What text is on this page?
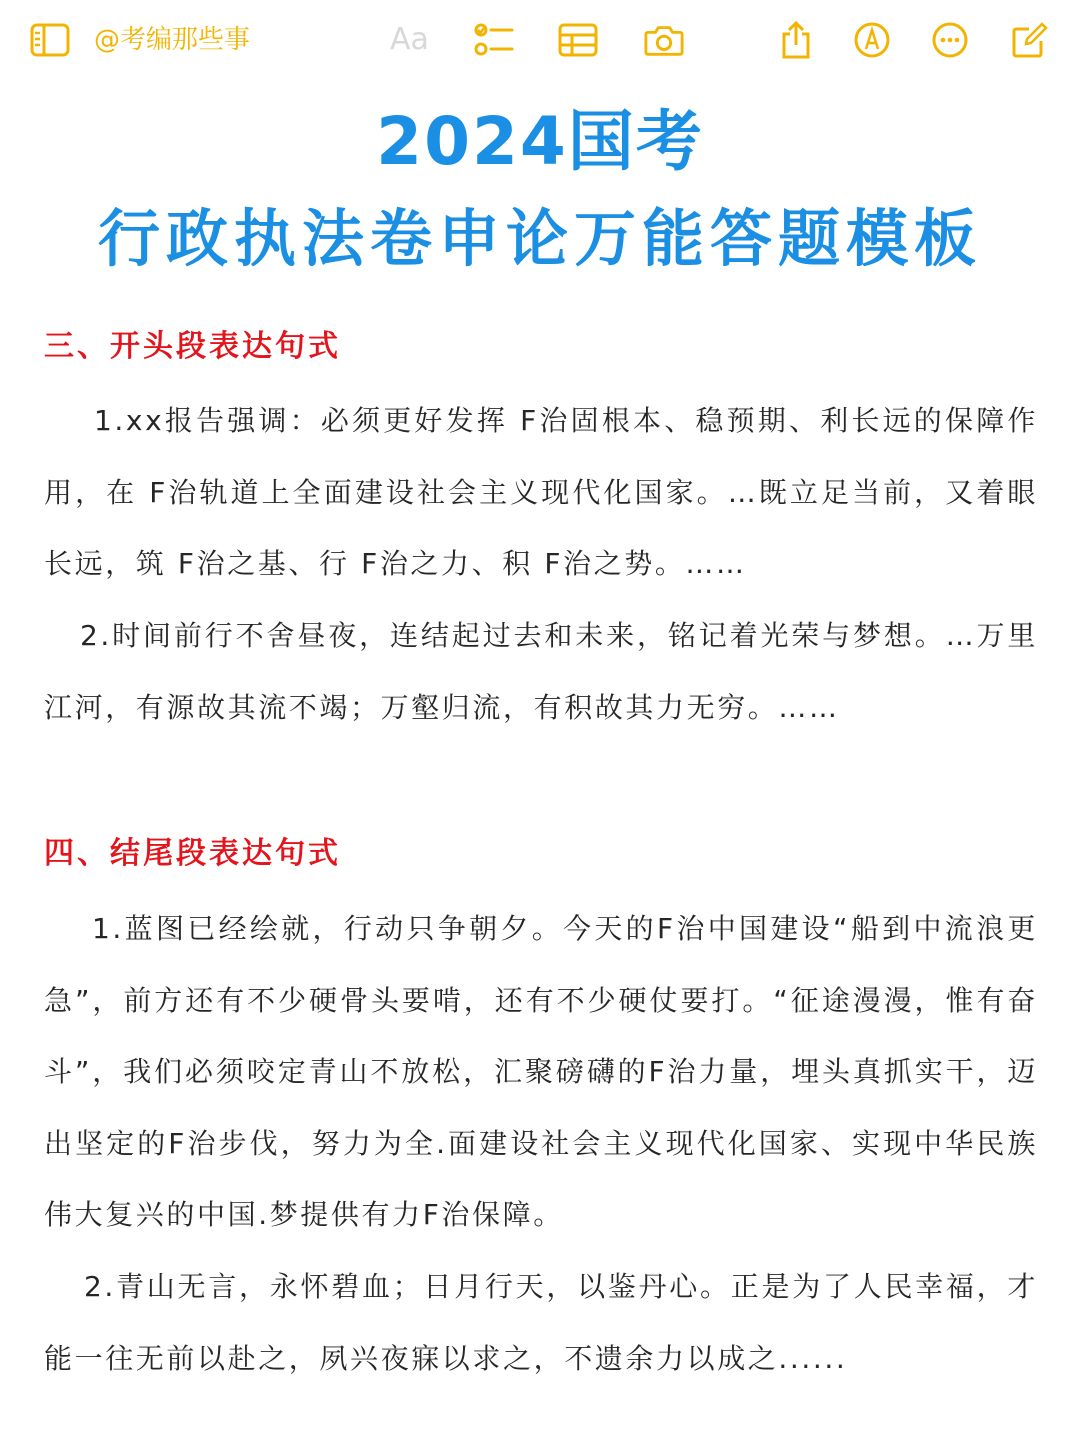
@考编那些事	Aa
2024国考
行政执法卷申论万能答题模板
三、开头段表达句式

1.xx报告强调：必须更好发挥 F治固根本、稳预期、利长远的保障作用，在 F治轨道上全面建设社会主义现代化国家。…既立足当前，又着眼长远，筑 F治之基、行 F治之力、积 F治之势。……

2.时间前行不舍昼夜，连结起过去和未来，铭记着光荣与梦想。…万里江河，有源故其流不竭；万壑归流，有积故其力无穷。……

四、结尾段表达句式

1.蓝图已经绘就，行动只争朝夕。今天的F治中国建设“船到中流浪更急”，前方还有不少硬骨头要啃，还有不少硬仗要打。“征途漫漫，惟有奋斗”，我们必须咬定青山不放松，汇聚磅礴的F治力量，埋头真抓实干，迈出坚定的F治步伐，努力为全.面建设社会主义现代化国家、实现中华民族伟大复兴的中国.梦提供有力F治保障。

2.青山无言，永怀碧血；日月行天，以鉴丹心。正是为了人民幸福，才能一往无前以赴之，夙兴夜寐以求之，不遗余力以成之......
